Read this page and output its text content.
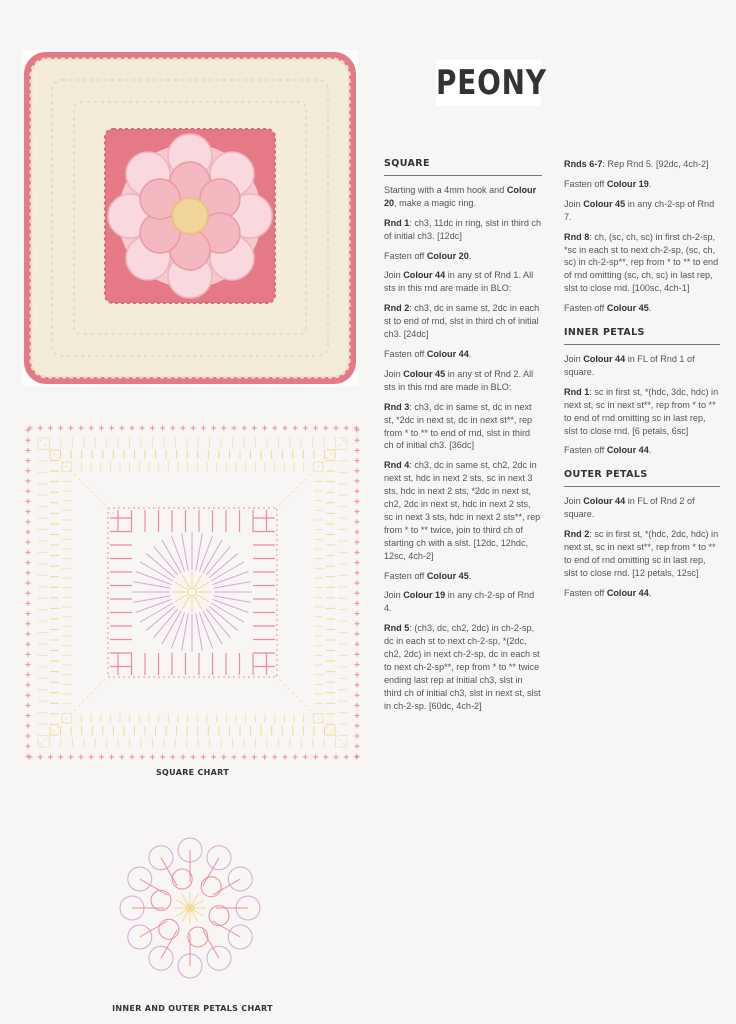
SQUARE CHART
INNER AND OUTER PETALS CHART
PEONY
SQUARE

Starting with a 4mm hook and Colour 20, make a magic ring.

Rnd 1: ch3, 11dc in ring, slst in third ch of initial ch3. [12dc]

Fasten off Colour 20.

Join Colour 44 in any st of Rnd 1. All sts in this rnd are made in BLO:

Rnd 2: ch3, dc in same st, 2dc in each st to end of rnd, slst in third ch of initial ch3. [24dc]

Fasten off Colour 44.

Join Colour 45 in any st of Rnd 2. All sts in this rnd are made in BLO:

Rnd 3: ch3, dc in same st, dc in next st, *2dc in next st, dc in next st**, rep from * to ** to end of rnd, slst in third ch of initial ch3. [36dc]

Rnd 4: ch3, dc in same st, ch2, 2dc in next st, hdc in next 2 sts, sc in next 3 sts, hdc in next 2 sts, *2dc in next st, ch2, 2dc in next st, hdc in next 2 sts, sc in next 3 sts, hdc in next 2 sts**, rep from * to ** twice, join to third ch of starting ch with a slst. [12dc, 12hdc, 12sc, 4ch-2]

Fasten off Colour 45.

Join Colour 19 in any ch-2-sp of Rnd 4.

Rnd 5: (ch3, dc, ch2, 2dc) in ch-2-sp, dc in each st to next ch-2-sp, *(2dc, ch2, 2dc) in next ch-2-sp, dc in each st to next ch-2-sp**, rep from * to ** twice ending last rep at initial ch3, slst in third ch of initial ch3, slst in next st, slst in ch-2-sp. [60dc, 4ch-2]

Rnds 6-7: Rep Rnd 5. [92dc, 4ch-2]

Fasten off Colour 19.

Join Colour 45 in any ch-2-sp of Rnd 7.

Rnd 8: ch, (sc, ch, sc) in first ch-2-sp, *sc in each st to next ch-2-sp, (sc, ch, sc) in ch-2-sp**, rep from * to ** to end of rnd omitting (sc, ch, sc) in last rep, slst to close rnd. [100sc, 4ch-1]

Fasten off Colour 45.

INNER PETALS

Join Colour 44 in FL of Rnd 1 of square.

Rnd 1: sc in first st, *(hdc, 3dc, hdc) in next st, sc in next st**, rep from * to ** to end of rnd omitting sc in last rep, slst to close rnd. [6 petals, 6sc]

Fasten off Colour 44.

OUTER PETALS

Join Colour 44 in FL of Rnd 2 of square.

Rnd 2: sc in first st, *(hdc, 2dc, hdc) in next st, sc in next st**, rep from * to ** to end of rnd omitting sc in last rep, slst to close rnd. [12 petals, 12sc]

Fasten off Colour 44.
